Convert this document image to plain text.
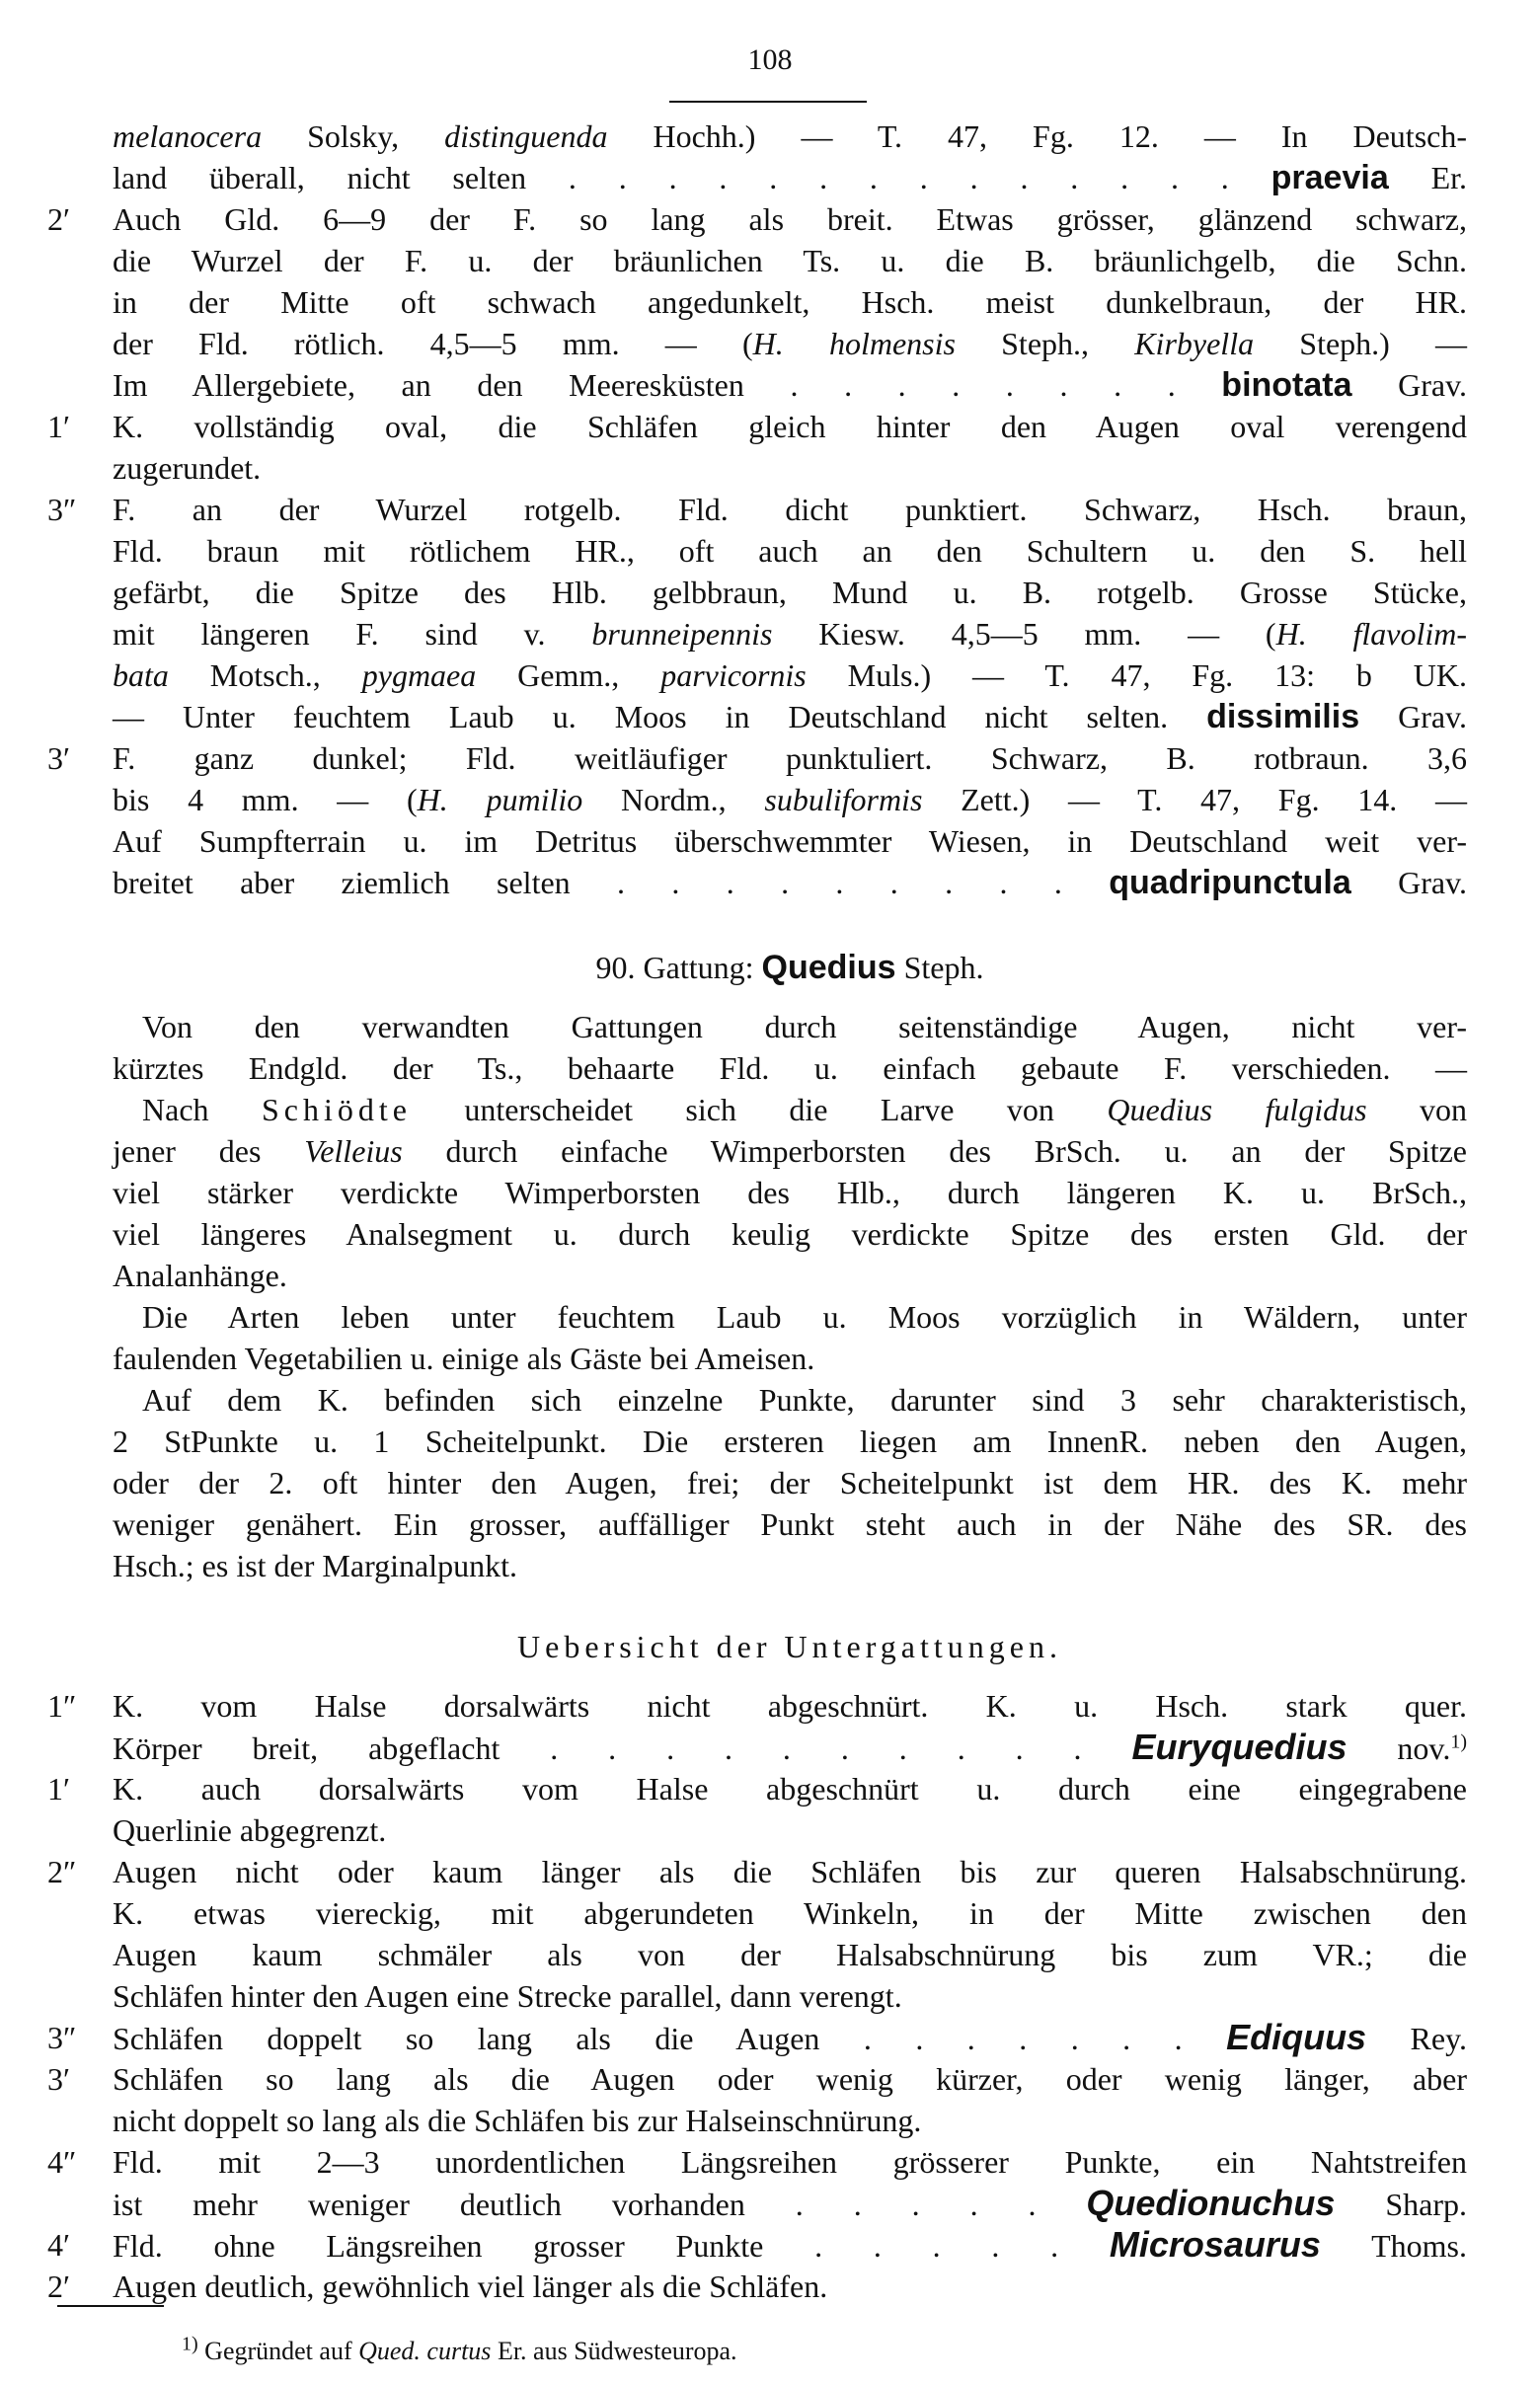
108
melanocera Solsky, distinguenda Hochh.) — T. 47, Fg. 12. — In Deutsch-
land überall, nicht selten . . . . . . . . . . . . . . praevia Er.
2′	Auch Gld. 6—9 der F. so lang als breit. Etwas grösser, glänzend schwarz,
die Wurzel der F. u. der bräunlichen Ts. u. die B. bräunlichgelb, die Schn.
in der Mitte oft schwach angedunkelt, Hsch. meist dunkelbraun, der HR.
der Fld. rötlich. 4,5—5 mm. — (H. holmensis Steph., Kirbyella Steph.) —
Im Allergebiete, an den Meeresküsten . . . . . . . . binotata Grav.
1′	K. vollständig oval, die Schläfen gleich hinter den Augen oval verengend
zugerundet.
3″	F. an der Wurzel rotgelb. Fld. dicht punktiert. Schwarz, Hsch. braun,
Fld. braun mit rötlichem HR., oft auch an den Schultern u. den S. hell
gefärbt, die Spitze des Hlb. gelbbraun, Mund u. B. rotgelb. Grosse Stücke,
mit längeren F. sind v. brunneipennis Kiesw. 4,5—5 mm. — (H. flavolim-
bata Motsch., pygmaea Gemm., parvicornis Muls.) — T. 47, Fg. 13: b UK.
— Unter feuchtem Laub u. Moos in Deutschland nicht selten. dissimilis Grav.
3′	F. ganz dunkel; Fld. weitläufiger punktuliert. Schwarz, B. rotbraun. 3,6
bis 4 mm. — (H. pumilio Nordm., subuliformis Zett.) — T. 47, Fg. 14. —
Auf Sumpfterrain u. im Detritus überschwemmter Wiesen, in Deutschland weit ver-
breitet aber ziemlich selten . . . . . . . . . quadripunctula Grav.
90. Gattung: Quedius Steph.
Von den verwandten Gattungen durch seitenständige Augen, nicht ver-
kürztes Endgld. der Ts., behaarte Fld. u. einfach gebaute F. verschieden. —
Nach Schiödte unterscheidet sich die Larve von Quedius fulgidus von
jener des Velleius durch einfache Wimperborsten des BrSch. u. an der Spitze
viel stärker verdickte Wimperborsten des Hlb., durch längeren K. u. BrSch.,
viel längeres Analsegment u. durch keulig verdickte Spitze des ersten Gld. der
Analanhänge.
Die Arten leben unter feuchtem Laub u. Moos vorzüglich in Wäldern, unter
faulenden Vegetabilien u. einige als Gäste bei Ameisen.
Auf dem K. befinden sich einzelne Punkte, darunter sind 3 sehr charakteristisch,
2 StPunkte u. 1 Scheitelpunkt. Die ersteren liegen am InnenR. neben den Augen,
oder der 2. oft hinter den Augen, frei; der Scheitelpunkt ist dem HR. des K. mehr
weniger genähert. Ein grosser, auffälliger Punkt steht auch in der Nähe des SR. des
Hsch.; es ist der Marginalpunkt.
Uebersicht der Untergattungen.
1″	K. vom Halse dorsalwärts nicht abgeschnürt. K. u. Hsch. stark quer.
Körper breit, abgeflacht . . . . . . . . . . Euryquedius nov.$^{1)}$
1′	K. auch dorsalwärts vom Halse abgeschnürt u. durch eine eingegrabene
Querlinie abgegrenzt.
2″	Augen nicht oder kaum länger als die Schläfen bis zur queren Halsabschnürung.
K. etwas viereckig, mit abgerundeten Winkeln, in der Mitte zwischen den
Augen kaum schmäler als von der Halsabschnürung bis zum VR.; die
Schläfen hinter den Augen eine Strecke parallel, dann verengt.
3″	Schläfen doppelt so lang als die Augen . . . . . . . Ediquus Rey.
3′	Schläfen so lang als die Augen oder wenig kürzer, oder wenig länger, aber
nicht doppelt so lang als die Schläfen bis zur Halseinschnürung.
4″	Fld. mit 2—3 unordentlichen Längsreihen grösserer Punkte, ein Nahtstreifen
ist mehr weniger deutlich vorhanden . . . . . Quedionuchus Sharp.
4′	Fld. ohne Längsreihen grosser Punkte . . . . . Microsaurus Thoms.
2′	Augen deutlich, gewöhnlich viel länger als die Schläfen.
$^{1)}$ Gegründet auf Qued. curtus Er. aus Südwesteuropa.
